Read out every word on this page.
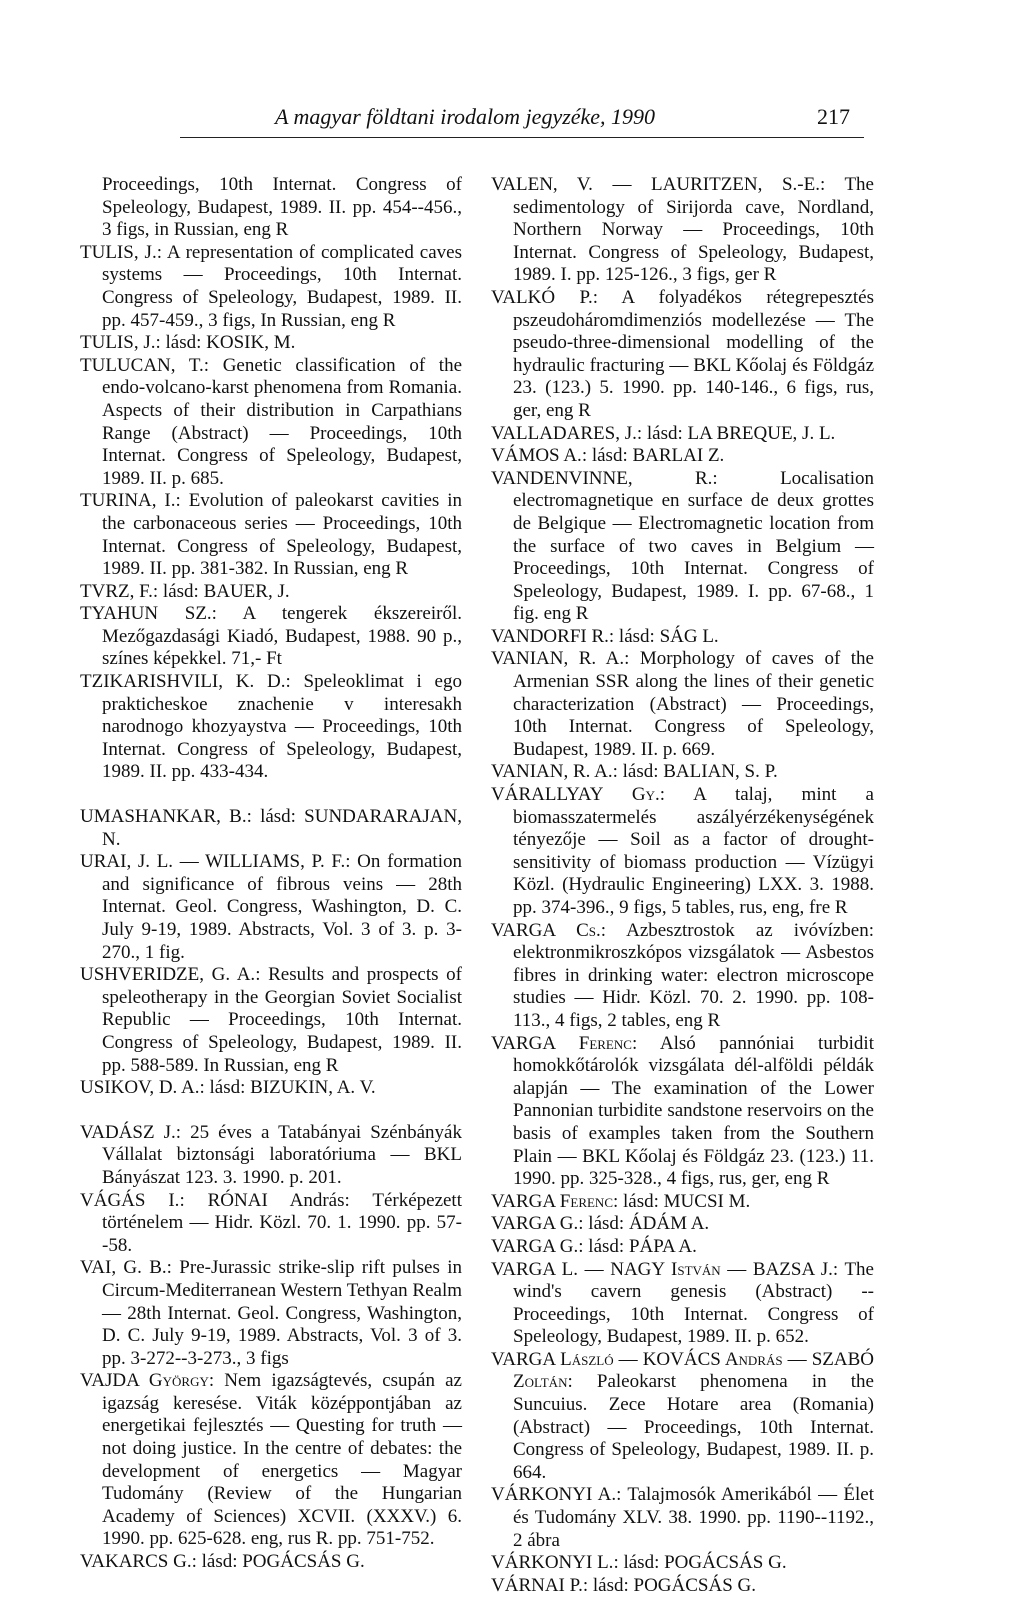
A magyar földtani irodalom jegyzéke, 1990	217

Proceedings, 10th Internat. Congress of Speleology, Budapest, 1989. II. pp. 454--456., 3 figs, in Russian, eng R

TULIS, J.: A representation of complicated caves systems — Proceedings, 10th Internat. Congress of Speleology, Budapest, 1989. II. pp. 457-459., 3 figs, In Russian, eng R

TULIS, J.: lásd: KOSIK, M.

TULUCAN, T.: Genetic classification of the endo-volcano-karst phenomena from Romania. Aspects of their distribution in Carpathians Range (Abstract) — Proceedings, 10th Internat. Congress of Speleology, Budapest, 1989. II. p. 685.

TURINA, I.: Evolution of paleokarst cavities in the carbonaceous series — Proceedings, 10th Internat. Congress of Speleology, Budapest, 1989. II. pp. 381-382. In Russian, eng R

TVRZ, F.: lásd: BAUER, J.

TYAHUN SZ.: A tengerek ékszereiről. Mezőgazdasági Kiadó, Budapest, 1988. 90 p., színes képekkel. 71,- Ft

TZIKARISHVILI, K. D.: Speleoklimat i ego prakticheskoe znachenie v interesakh narodnogo khozyaystva — Proceedings, 10th Internat. Congress of Speleology, Budapest, 1989. II. pp. 433-434.

UMASHANKAR, B.: lásd: SUNDARARAJAN, N.

URAI, J. L. — WILLIAMS, P. F.: On formation and significance of fibrous veins — 28th Internat. Geol. Congress, Washington, D. C. July 9-19, 1989. Abstracts, Vol. 3 of 3. p. 3-270., 1 fig.

USHVERIDZE, G. A.: Results and prospects of speleotherapy in the Georgian Soviet Socialist Republic — Proceedings, 10th Internat. Congress of Speleology, Budapest, 1989. II. pp. 588-589. In Russian, eng R

USIKOV, D. A.: lásd: BIZUKIN, A. V.

VADÁSZ J.: 25 éves a Tatabányai Szénbányák Vállalat biztonsági laboratóriuma — BKL Bányászat 123. 3. 1990. p. 201.

VÁGÁS I.: RÓNAI András: Térképezett történelem — Hidr. Közl. 70. 1. 1990. pp. 57--58.

VAI, G. B.: Pre-Jurassic strike-slip rift pulses in Circum-Mediterranean Western Tethyan Realm — 28th Internat. Geol. Congress, Washington, D. C. July 9-19, 1989. Abstracts, Vol. 3 of 3. pp. 3-272--3-273., 3 figs

VAJDA György: Nem igazságtevés, csupán az igazság keresése. Viták középpontjában az energetikai fejlesztés — Questing for truth — not doing justice. In the centre of debates: the development of energetics — Magyar Tudomány (Review of the Hungarian Academy of Sciences) XCVII. (XXXV.) 6. 1990. pp. 625-628. eng, rus R. pp. 751-752.

VAKARCS G.: lásd: POGÁCSÁS G.

VALEN, V. — LAURITZEN, S.-E.: The sedimentology of Sirijorda cave, Nordland, Northern Norway — Proceedings, 10th Internat. Congress of Speleology, Budapest, 1989. I. pp. 125-126., 3 figs, ger R

VALKÓ P.: A folyadékos rétegrepesztés pszeudoháromdimenziós modellezése — The pseudo-three-dimensional modelling of the hydraulic fracturing — BKL Kőolaj és Földgáz 23. (123.) 5. 1990. pp. 140-146., 6 figs, rus, ger, eng R

VALLADARES, J.: lásd: LA BREQUE, J. L.

VÁMOS A.: lásd: BARLAI Z.

VANDENVINNE, R.: Localisation electromagnetique en surface de deux grottes de Belgique — Electromagnetic location from the surface of two caves in Belgium — Proceedings, 10th Internat. Congress of Speleology, Budapest, 1989. I. pp. 67-68., 1 fig. eng R

VANDORFI R.: lásd: SÁG L.

VANIAN, R. A.: Morphology of caves of the Armenian SSR along the lines of their genetic characterization (Abstract) — Proceedings, 10th Internat. Congress of Speleology, Budapest, 1989. II. p. 669.

VANIAN, R. A.: lásd: BALIAN, S. P.

VÁRALLYAY Gy.: A talaj, mint a biomasszatermelés aszályérzékenységének tényezője — Soil as a factor of drought-sensitivity of biomass production — Vízügyi Közl. (Hydraulic Engineering) LXX. 3. 1988. pp. 374-396., 9 figs, 5 tables, rus, eng, fre R

VARGA Cs.: Azbesztrostok az ivóvízben: elektronmikroszkópos vizsgálatok — Asbestos fibres in drinking water: electron microscope studies — Hidr. Közl. 70. 2. 1990. pp. 108-113., 4 figs, 2 tables, eng R

VARGA Ferenc: Alsó pannóniai turbidit homokkőtárolók vizsgálata dél-alföldi példák alapján — The examination of the Lower Pannonian turbidite sandstone reservoirs on the basis of examples taken from the Southern Plain — BKL Kőolaj és Földgáz 23. (123.) 11. 1990. pp. 325-328., 4 figs, rus, ger, eng R

VARGA Ferenc: lásd: MUCSI M.

VARGA G.: lásd: ÁDÁM A.

VARGA G.: lásd: PÁPA A.

VARGA L. — NAGY István — BAZSA J.: The wind's cavern genesis (Abstract) -- Proceedings, 10th Internat. Congress of Speleology, Budapest, 1989. II. p. 652.

VARGA László — KOVÁCS András — SZABÓ Zoltán: Paleokarst phenomena in the Suncuius. Zece Hotare area (Romania) (Abstract) — Proceedings, 10th Internat. Congress of Speleology, Budapest, 1989. II. p. 664.

VÁRKONYI A.: Talajmosók Amerikából — Élet és Tudomány XLV. 38. 1990. pp. 1190--1192., 2 ábra

VÁRKONYI L.: lásd: POGÁCSÁS G.

VÁRNAI P.: lásd: POGÁCSÁS G.
